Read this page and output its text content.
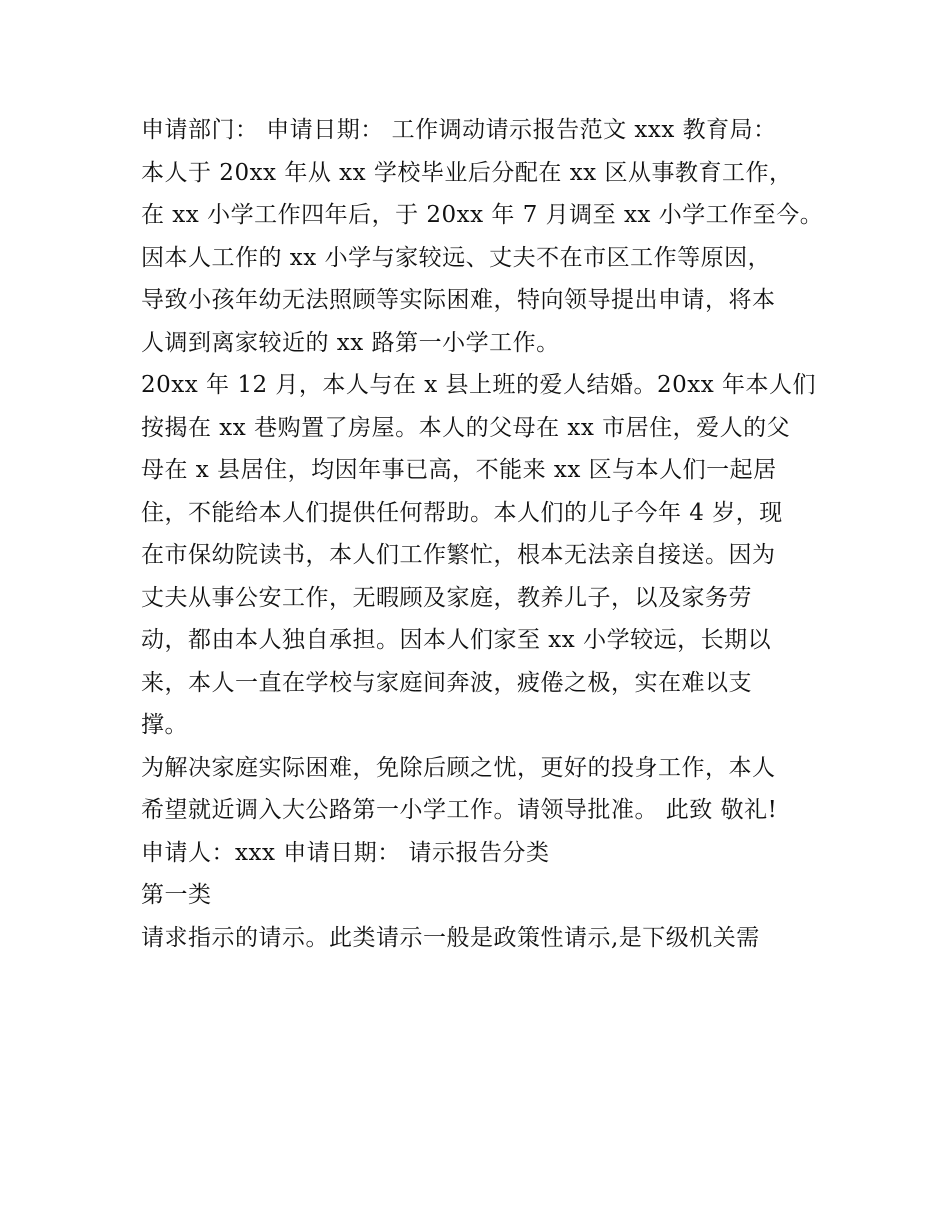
申请部门： 申请日期： 工作调动请示报告范文 xxx 教育局：
本人于 20xx 年从 xx 学校毕业后分配在 xx 区从事教育工作，
在 xx 小学工作四年后，于 20xx 年 7 月调至 xx 小学工作至今。
因本人工作的 xx 小学与家较远、丈夫不在市区工作等原因，
导致小孩年幼无法照顾等实际困难，特向领导提出申请，将本
人调到离家较近的 xx 路第一小学工作。
20xx 年 12 月，本人与在 x 县上班的爱人结婚。20xx 年本人们
按揭在 xx 巷购置了房屋。本人的父母在 xx 市居住，爱人的父
母在 x 县居住，均因年事已高，不能来 xx 区与本人们一起居
住，不能给本人们提供任何帮助。本人们的儿子今年 4 岁，现
在市保幼院读书，本人们工作繁忙，根本无法亲自接送。因为
丈夫从事公安工作，无暇顾及家庭，教养儿子，以及家务劳
动，都由本人独自承担。因本人们家至 xx 小学较远，长期以
来，本人一直在学校与家庭间奔波，疲倦之极，实在难以支
撑。
为解决家庭实际困难，免除后顾之忧，更好的投身工作，本人
希望就近调入大公路第一小学工作。请领导批准。 此致 敬礼!
申请人：xxx 申请日期： 请示报告分类
第一类
请求指示的请示。此类请示一般是政策性请示,是下级机关需
